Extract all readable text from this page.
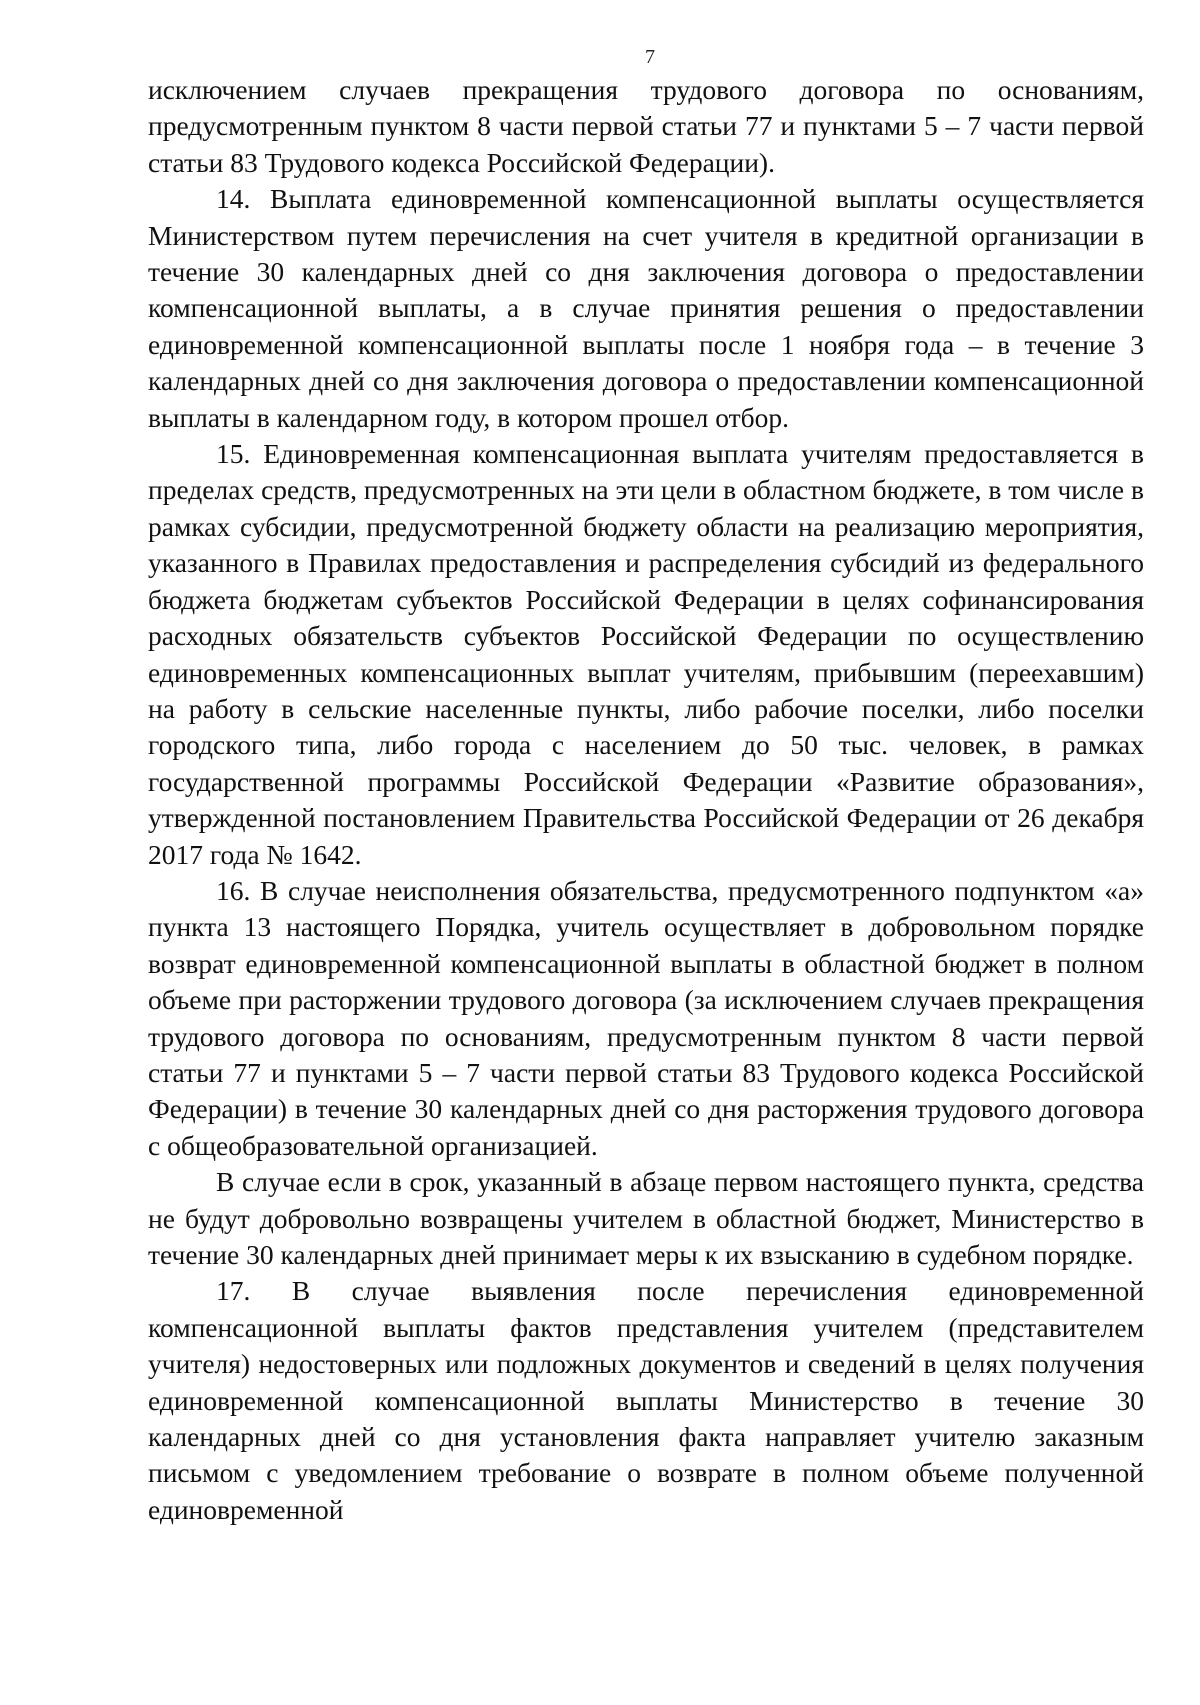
7

исключением случаев прекращения трудового договора по основаниям, предусмотренным пунктом 8 части первой статьи 77 и пунктами 5 – 7 части первой статьи 83 Трудового кодекса Российской Федерации).

14. Выплата единовременной компенсационной выплаты осуществляется Министерством путем перечисления на счет учителя в кредитной организации в течение 30 календарных дней со дня заключения договора о предоставлении компенсационной выплаты, а в случае принятия решения о предоставлении единовременной компенсационной выплаты после 1 ноября года – в течение 3 календарных дней со дня заключения договора о предоставлении компенсационной выплаты в календарном году, в котором прошел отбор.

15. Единовременная компенсационная выплата учителям предоставляется в пределах средств, предусмотренных на эти цели в областном бюджете, в том числе в рамках субсидии, предусмотренной бюджету области на реализацию мероприятия, указанного в Правилах предоставления и распределения субсидий из федерального бюджета бюджетам субъектов Российской Федерации в целях софинансирования расходных обязательств субъектов Российской Федерации по осуществлению единовременных компенсационных выплат учителям, прибывшим (переехавшим) на работу в сельские населенные пункты, либо рабочие поселки, либо поселки городского типа, либо города с населением до 50 тыс. человек, в рамках государственной программы Российской Федерации «Развитие образования», утвержденной постановлением Правительства Российской Федерации от 26 декабря 2017 года № 1642.

16. В случае неисполнения обязательства, предусмотренного подпунктом «а» пункта 13 настоящего Порядка, учитель осуществляет в добровольном порядке возврат единовременной компенсационной выплаты в областной бюджет в полном объеме при расторжении трудового договора (за исключением случаев прекращения трудового договора по основаниям, предусмотренным пунктом 8 части первой статьи 77 и пунктами 5 – 7 части первой статьи 83 Трудового кодекса Российской Федерации) в течение 30 календарных дней со дня расторжения трудового договора с общеобразовательной организацией.

В случае если в срок, указанный в абзаце первом настоящего пункта, средства не будут добровольно возвращены учителем в областной бюджет, Министерство в течение 30 календарных дней принимает меры к их взысканию в судебном порядке.

17. В случае выявления после перечисления единовременной компенсационной выплаты фактов представления учителем (представителем учителя) недостоверных или подложных документов и сведений в целях получения единовременной компенсационной выплаты Министерство в течение 30 календарных дней со дня установления факта направляет учителю заказным письмом с уведомлением требование о возврате в полном объеме полученной единовременной
